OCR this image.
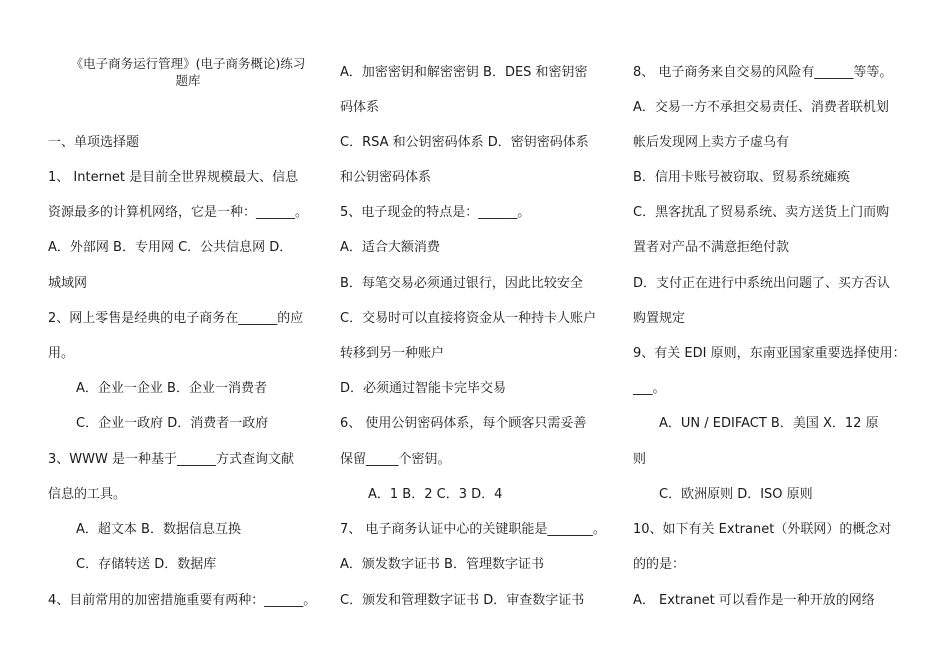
《电子商务运行管理》(电子商务概论)练习
题库
一、单项选择题
1、 Internet 是目前全世界规模最大、信息
资源最多的计算机网络，它是一种：______。
A．外部网 B．专用网 C．公共信息网 D．
城域网
2、网上零售是经典的电子商务在______的应
用。
A．企业一企业 B．企业一消费者
C．企业一政府 D．消费者一政府
3、WWW 是一种基于______方式查询文献
信息的工具。
A．超文本 B．数据信息互换
C．存储转送 D．数据库
4、目前常用的加密措施重要有两种：______。
A．加密密钥和解密密钥 B．DES 和密钥密
码体系
C．RSA 和公钥密码体系 D．密钥密码体系
和公钥密码体系
5、电子现金的特点是：______。
A．适合大额消费
B．每笔交易必须通过银行，因此比较安全
C．交易时可以直接将资金从一种持卡人账户
转移到另一种账户
D．必须通过智能卡完毕交易
6、 使用公钥密码体系，每个顾客只需妥善
保留_____个密钥。
A．1 B．2 C．3 D．4
7、 电子商务认证中心的关键职能是_______。
A．颁发数字证书 B．管理数字证书
C．颁发和管理数字证书 D．审查数字证书
8、 电子商务来自交易的风险有______等等。
A．交易一方不承担交易责任、消费者联机划
帐后发现网上卖方子虚乌有
B．信用卡账号被窃取、贸易系统瘫痪
C．黑客扰乱了贸易系统、卖方送货上门而购
置者对产品不满意拒绝付款
D．支付正在进行中系统出问题了、买方否认
购置规定
9、有关 EDI 原则，东南亚国家重要选择使用：
___。
A．UN / EDIFACT B．美国 X．12 原
则
C．欧洲原则 D．ISO 原则
10、如下有关 Extranet（外联网）的概念对
的的是：
A． Extranet 可以看作是一种开放的网络
